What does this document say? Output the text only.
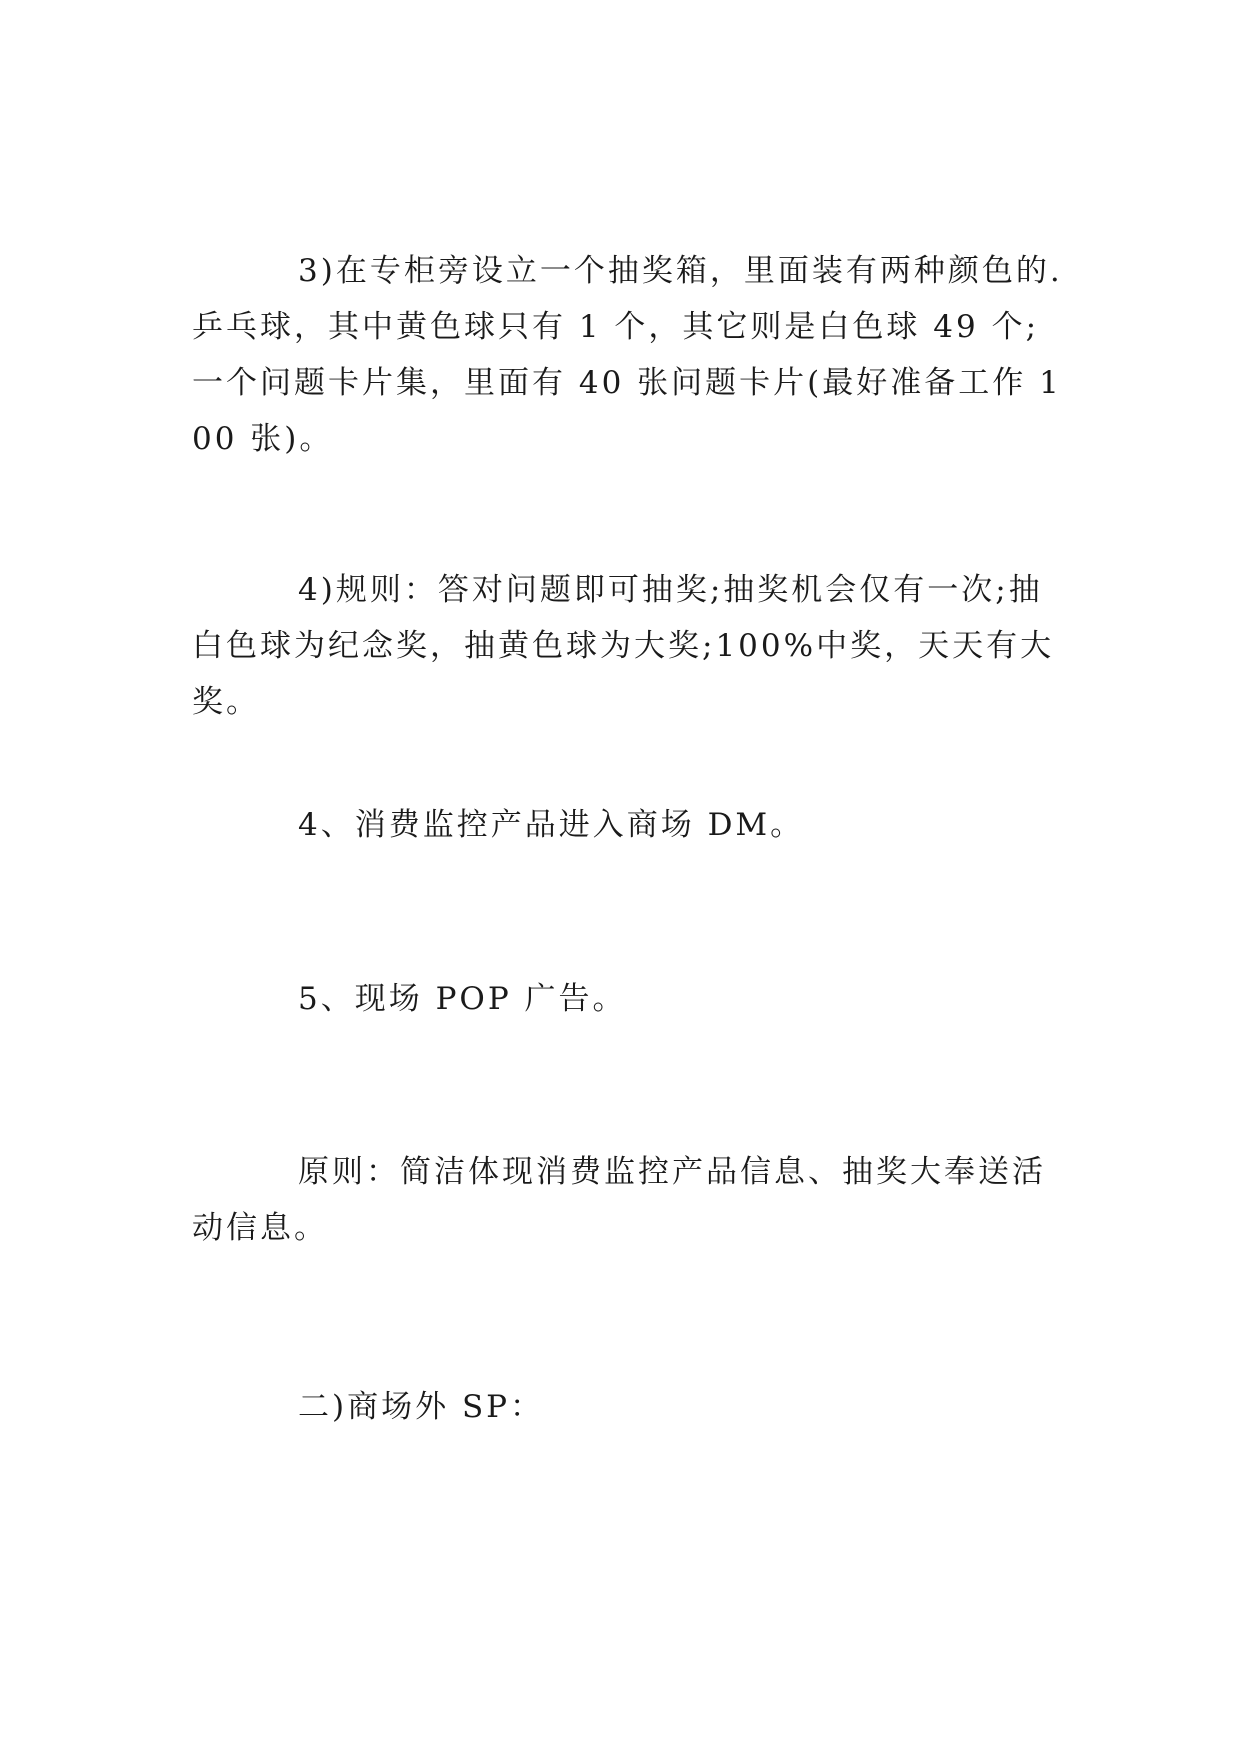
3)在专柜旁设立一个抽奖箱，里面装有两种颜色的.乒乓球，其中黄色球只有 1 个，其它则是白色球 49 个;一个问题卡片集，里面有 40 张问题卡片(最好准备工作 100 张)。

4)规则：答对问题即可抽奖;抽奖机会仅有一次;抽白色球为纪念奖，抽黄色球为大奖;100%中奖，天天有大奖。

4、消费监控产品进入商场 DM。

5、现场 POP 广告。

原则：简洁体现消费监控产品信息、抽奖大奉送活动信息。

二)商场外 SP：
